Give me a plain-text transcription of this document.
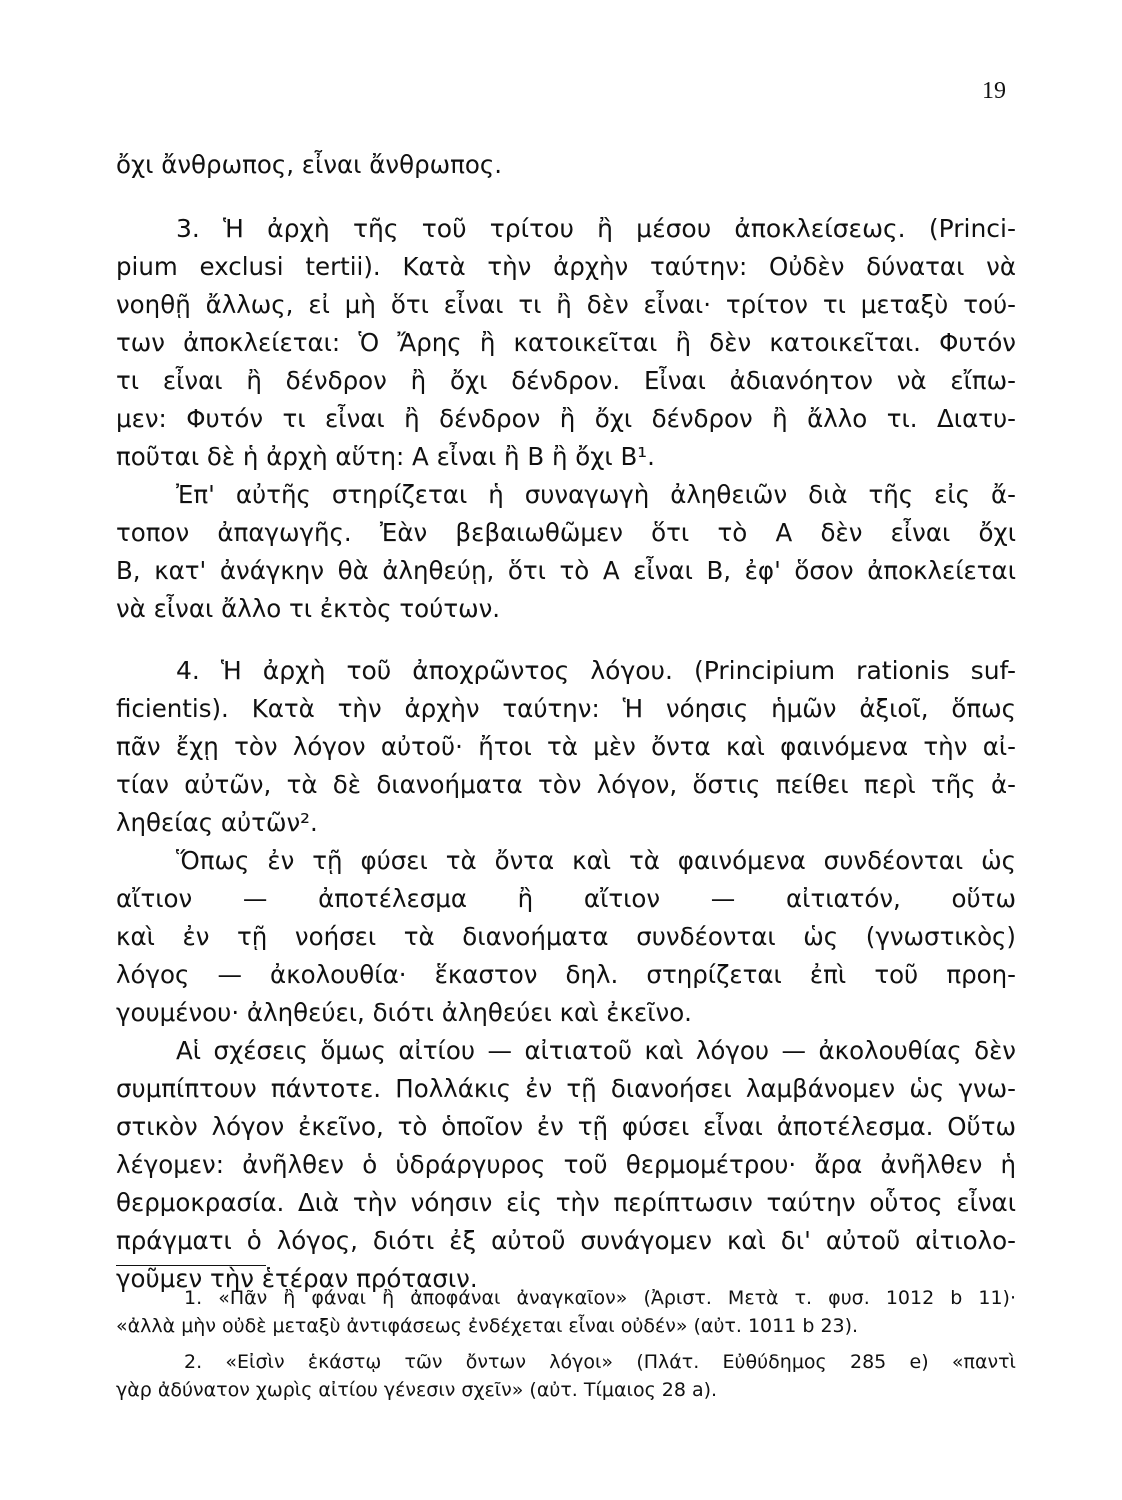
19
ὄχι ἄνθρωπος, εἶναι ἄνθρωπος.
3. Ἡ ἀρχὴ τῆς τοῦ τρίτου ἢ μέσου ἀποκλείσεως. (Princi-
pium exclusi tertii). Κατὰ τὴν ἀρχὴν ταύτην: Οὐδὲν δύναται νὰ
νοηθῇ ἄλλως, εἰ μὴ ὅτι εἶναι τι ἢ δὲν εἶναι· τρίτον τι μεταξὺ τού-
των ἀποκλείεται: Ὁ Ἄρης ἢ κατοικεῖται ἢ δὲν κατοικεῖται. Φυτόν
τι εἶναι ἢ δένδρον ἢ ὄχι δένδρον. Εἶναι ἀδιανόητον νὰ εἴπω-
μεν: Φυτόν τι εἶναι ἢ δένδρον ἢ ὄχι δένδρον ἢ ἄλλο τι. Διατυ-
ποῦται δὲ ἡ ἀρχὴ αὕτη: Α εἶναι ἢ Β ἢ ὄχι Β¹.
Ἐπ' αὐτῆς στηρίζεται ἡ συναγωγὴ ἀληθειῶν διὰ τῆς εἰς ἄ-
τοπον ἀπαγωγῆς. Ἐὰν βεβαιωθῶμεν ὅτι τὸ Α δὲν εἶναι ὄχι
Β, κατ' ἀνάγκην θὰ ἀληθεύῃ, ὅτι τὸ Α εἶναι Β, ἐφ' ὅσον ἀποκλείεται
νὰ εἶναι ἄλλο τι ἐκτὸς τούτων.
4. Ἡ ἀρχὴ τοῦ ἀποχρῶντος λόγου. (Principium rationis suf-
ficientis). Κατὰ τὴν ἀρχὴν ταύτην: Ἡ νόησις ἡμῶν ἀξιοῖ, ὅπως
πᾶν ἔχῃ τὸν λόγον αὐτοῦ· ἤτοι τὰ μὲν ὄντα καὶ φαινόμενα τὴν αἰ-
τίαν αὐτῶν, τὰ δὲ διανοήματα τὸν λόγον, ὅστις πείθει περὶ τῆς ἀ-
ληθείας αὐτῶν².
Ὅπως ἐν τῇ φύσει τὰ ὄντα καὶ τὰ φαινόμενα συνδέονται ὡς
αἴτιον — ἀποτέλεσμα ἢ αἴτιον — αἰτιατόν, οὕτω
καὶ ἐν τῇ νοήσει τὰ διανοήματα συνδέονται ὡς (γνωστικὸς)
λόγος — ἀκολουθία· ἕκαστον δηλ. στηρίζεται ἐπὶ τοῦ προη-
γουμένου· ἀληθεύει, διότι ἀληθεύει καὶ ἐκεῖνο.
Αἱ σχέσεις ὅμως αἰτίου — αἰτιατοῦ καὶ λόγου — ἀκολουθίας δὲν
συμπίπτουν πάντοτε. Πολλάκις ἐν τῇ διανοήσει λαμβάνομεν ὡς γνω-
στικὸν λόγον ἐκεῖνο, τὸ ὁποῖον ἐν τῇ φύσει εἶναι ἀποτέλεσμα. Οὕτω
λέγομεν: ἀνῆλθεν ὁ ὑδράργυρος τοῦ θερμομέτρου· ἄρα ἀνῆλθεν ἡ
θερμοκρασία. Διὰ τὴν νόησιν εἰς τὴν περίπτωσιν ταύτην οὗτος εἶναι
πράγματι ὁ λόγος, διότι ἐξ αὐτοῦ συνάγομεν καὶ δι' αὐτοῦ αἰτιολο-
γοῦμεν τὴν ἑτέραν πρότασιν.
1. «Πᾶν ἢ φάναι ἢ ἀποφάναι ἀναγκαῖον» (Ἀριστ. Μετὰ τ. φυσ. 1012 b 11)·
«ἀλλὰ μὴν οὐδὲ μεταξὺ ἀντιφάσεως ἐνδέχεται εἶναι οὐδέν» (αὐτ. 1011 b 23).
2. «Εἰσὶν ἑκάστῳ τῶν ὄντων λόγοι» (Πλάτ. Εὐθύδημος 285 e) «παντὶ
γὰρ ἀδύνατον χωρὶς αἰτίου γένεσιν σχεῖν» (αὐτ. Τίμαιος 28 a).
